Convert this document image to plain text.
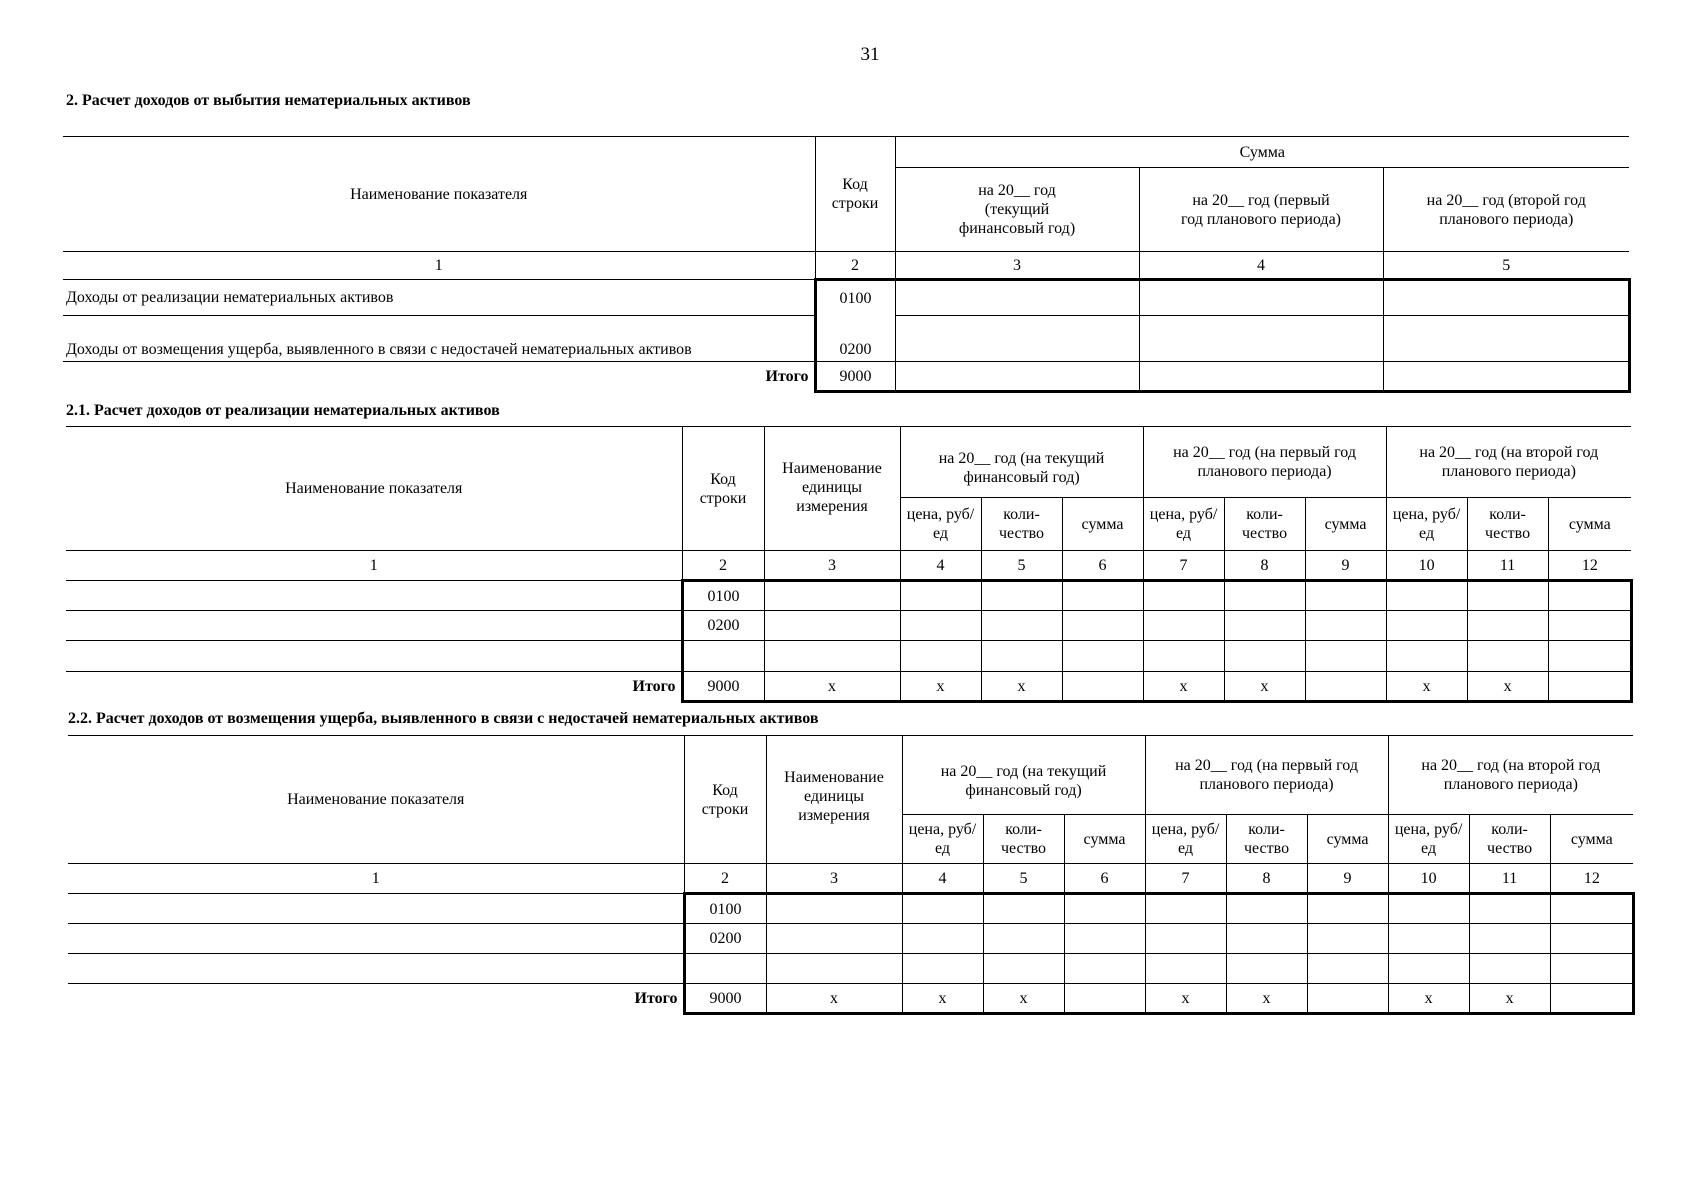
31
2. Расчет доходов от выбытия нематериальных активов
Наименование показателя	Код строки	Сумма		
		на 20__ год (текущий финансовый год)	на 20__ год (первый год планового периода)	на 20__ год (второй год планового периода)
1	2	3	4	5
Доходы от реализации нематериальных активов	0100			
Доходы от возмещения ущерба, выявленного в связи с недостачей нематериальных активов	0200			
Итого	9000			
2.1. Расчет доходов от реализации нематериальных активов
Наименование показателя	Код строки	Наименование единицы измерения	на 20__ год (на текущий финансовый год)			на 20__ год (на первый год планового периода)			на 20__ год (на второй год планового периода)		
			цена, руб/ед	коли- чество	сумма	цена, руб/ед	коли- чество	сумма	цена, руб/ед	коли- чество	сумма
1	2	3	4	5	6	7	8	9	10	11	12
	0100										
	0200										

Итого	9000	x	x	x		x	x		x	x	
2.2. Расчет доходов от возмещения ущерба, выявленного в связи с недостачей нематериальных активов
Наименование показателя	Код строки	Наименование единицы измерения	на 20__ год (на текущий финансовый год)			на 20__ год (на первый год планового периода)			на 20__ год (на второй год планового периода)		
			цена, руб/ед	коли- чество	сумма	цена, руб/ед	коли- чество	сумма	цена, руб/ед	коли- чество	сумма
1	2	3	4	5	6	7	8	9	10	11	12
	0100										
	0200										

Итого	9000	x	x	x		x	x		x	x	
